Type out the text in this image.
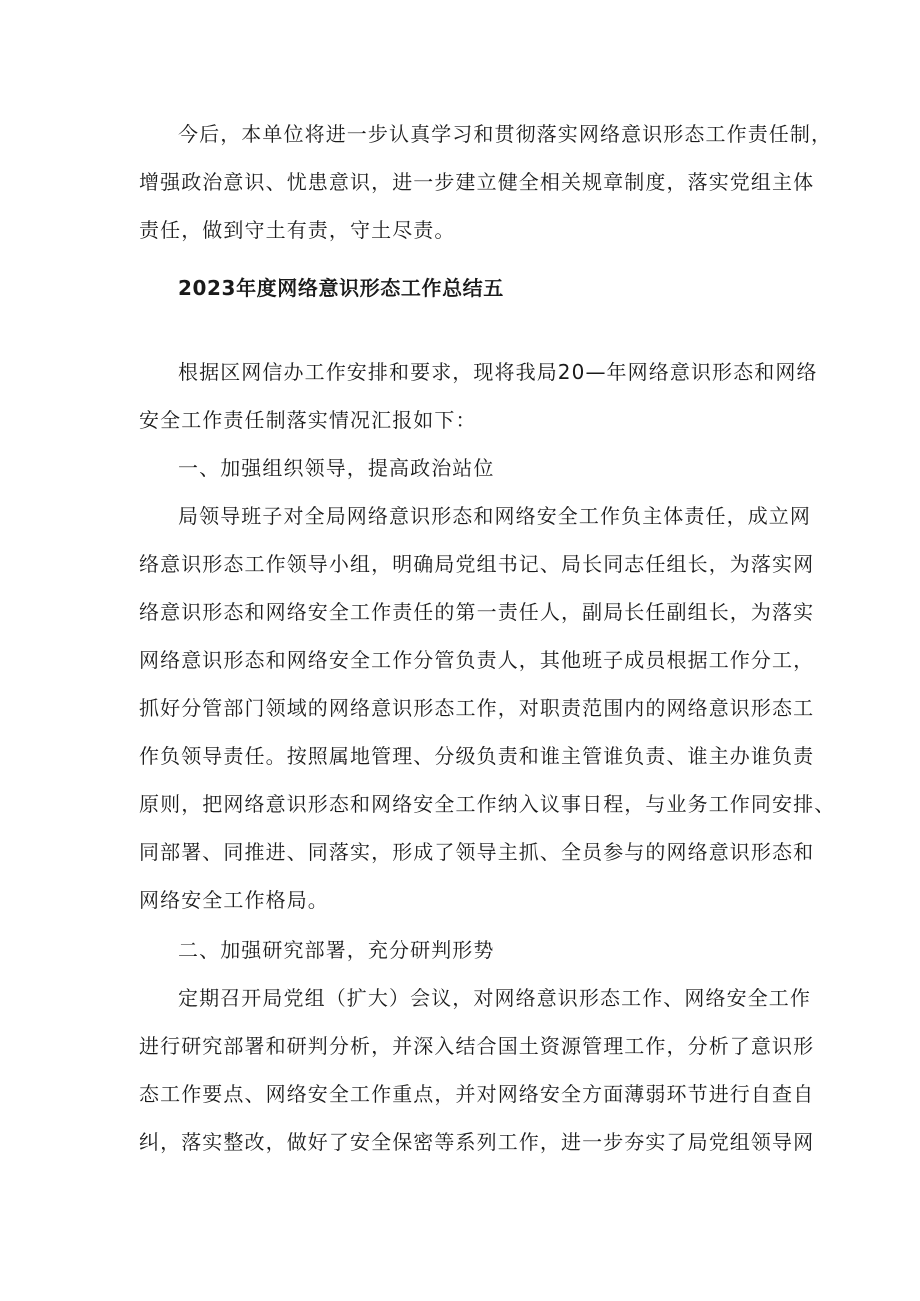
今后，本单位将进一步认真学习和贯彻落实网络意识形态工作责任制，
增强政治意识、忧患意识，进一步建立健全相关规章制度，落实党组主体
责任，做到守土有责，守土尽责。
2023年度网络意识形态工作总结五
根据区网信办工作安排和要求，现将我局20—年网络意识形态和网络
安全工作责任制落实情况汇报如下：
一、加强组织领导，提高政治站位
局领导班子对全局网络意识形态和网络安全工作负主体责任，成立网
络意识形态工作领导小组，明确局党组书记、局长同志任组长，为落实网
络意识形态和网络安全工作责任的第一责任人，副局长任副组长，为落实
网络意识形态和网络安全工作分管负责人，其他班子成员根据工作分工，
抓好分管部门领域的网络意识形态工作，对职责范围内的网络意识形态工
作负领导责任。按照属地管理、分级负责和谁主管谁负责、谁主办谁负责
原则，把网络意识形态和网络安全工作纳入议事日程，与业务工作同安排、
同部署、同推进、同落实，形成了领导主抓、全员参与的网络意识形态和
网络安全工作格局。
二、加强研究部署，充分研判形势
定期召开局党组（扩大）会议，对网络意识形态工作、网络安全工作
进行研究部署和研判分析，并深入结合国土资源管理工作，分析了意识形
态工作要点、网络安全工作重点，并对网络安全方面薄弱环节进行自查自
纠，落实整改，做好了安全保密等系列工作，进一步夯实了局党组领导网
